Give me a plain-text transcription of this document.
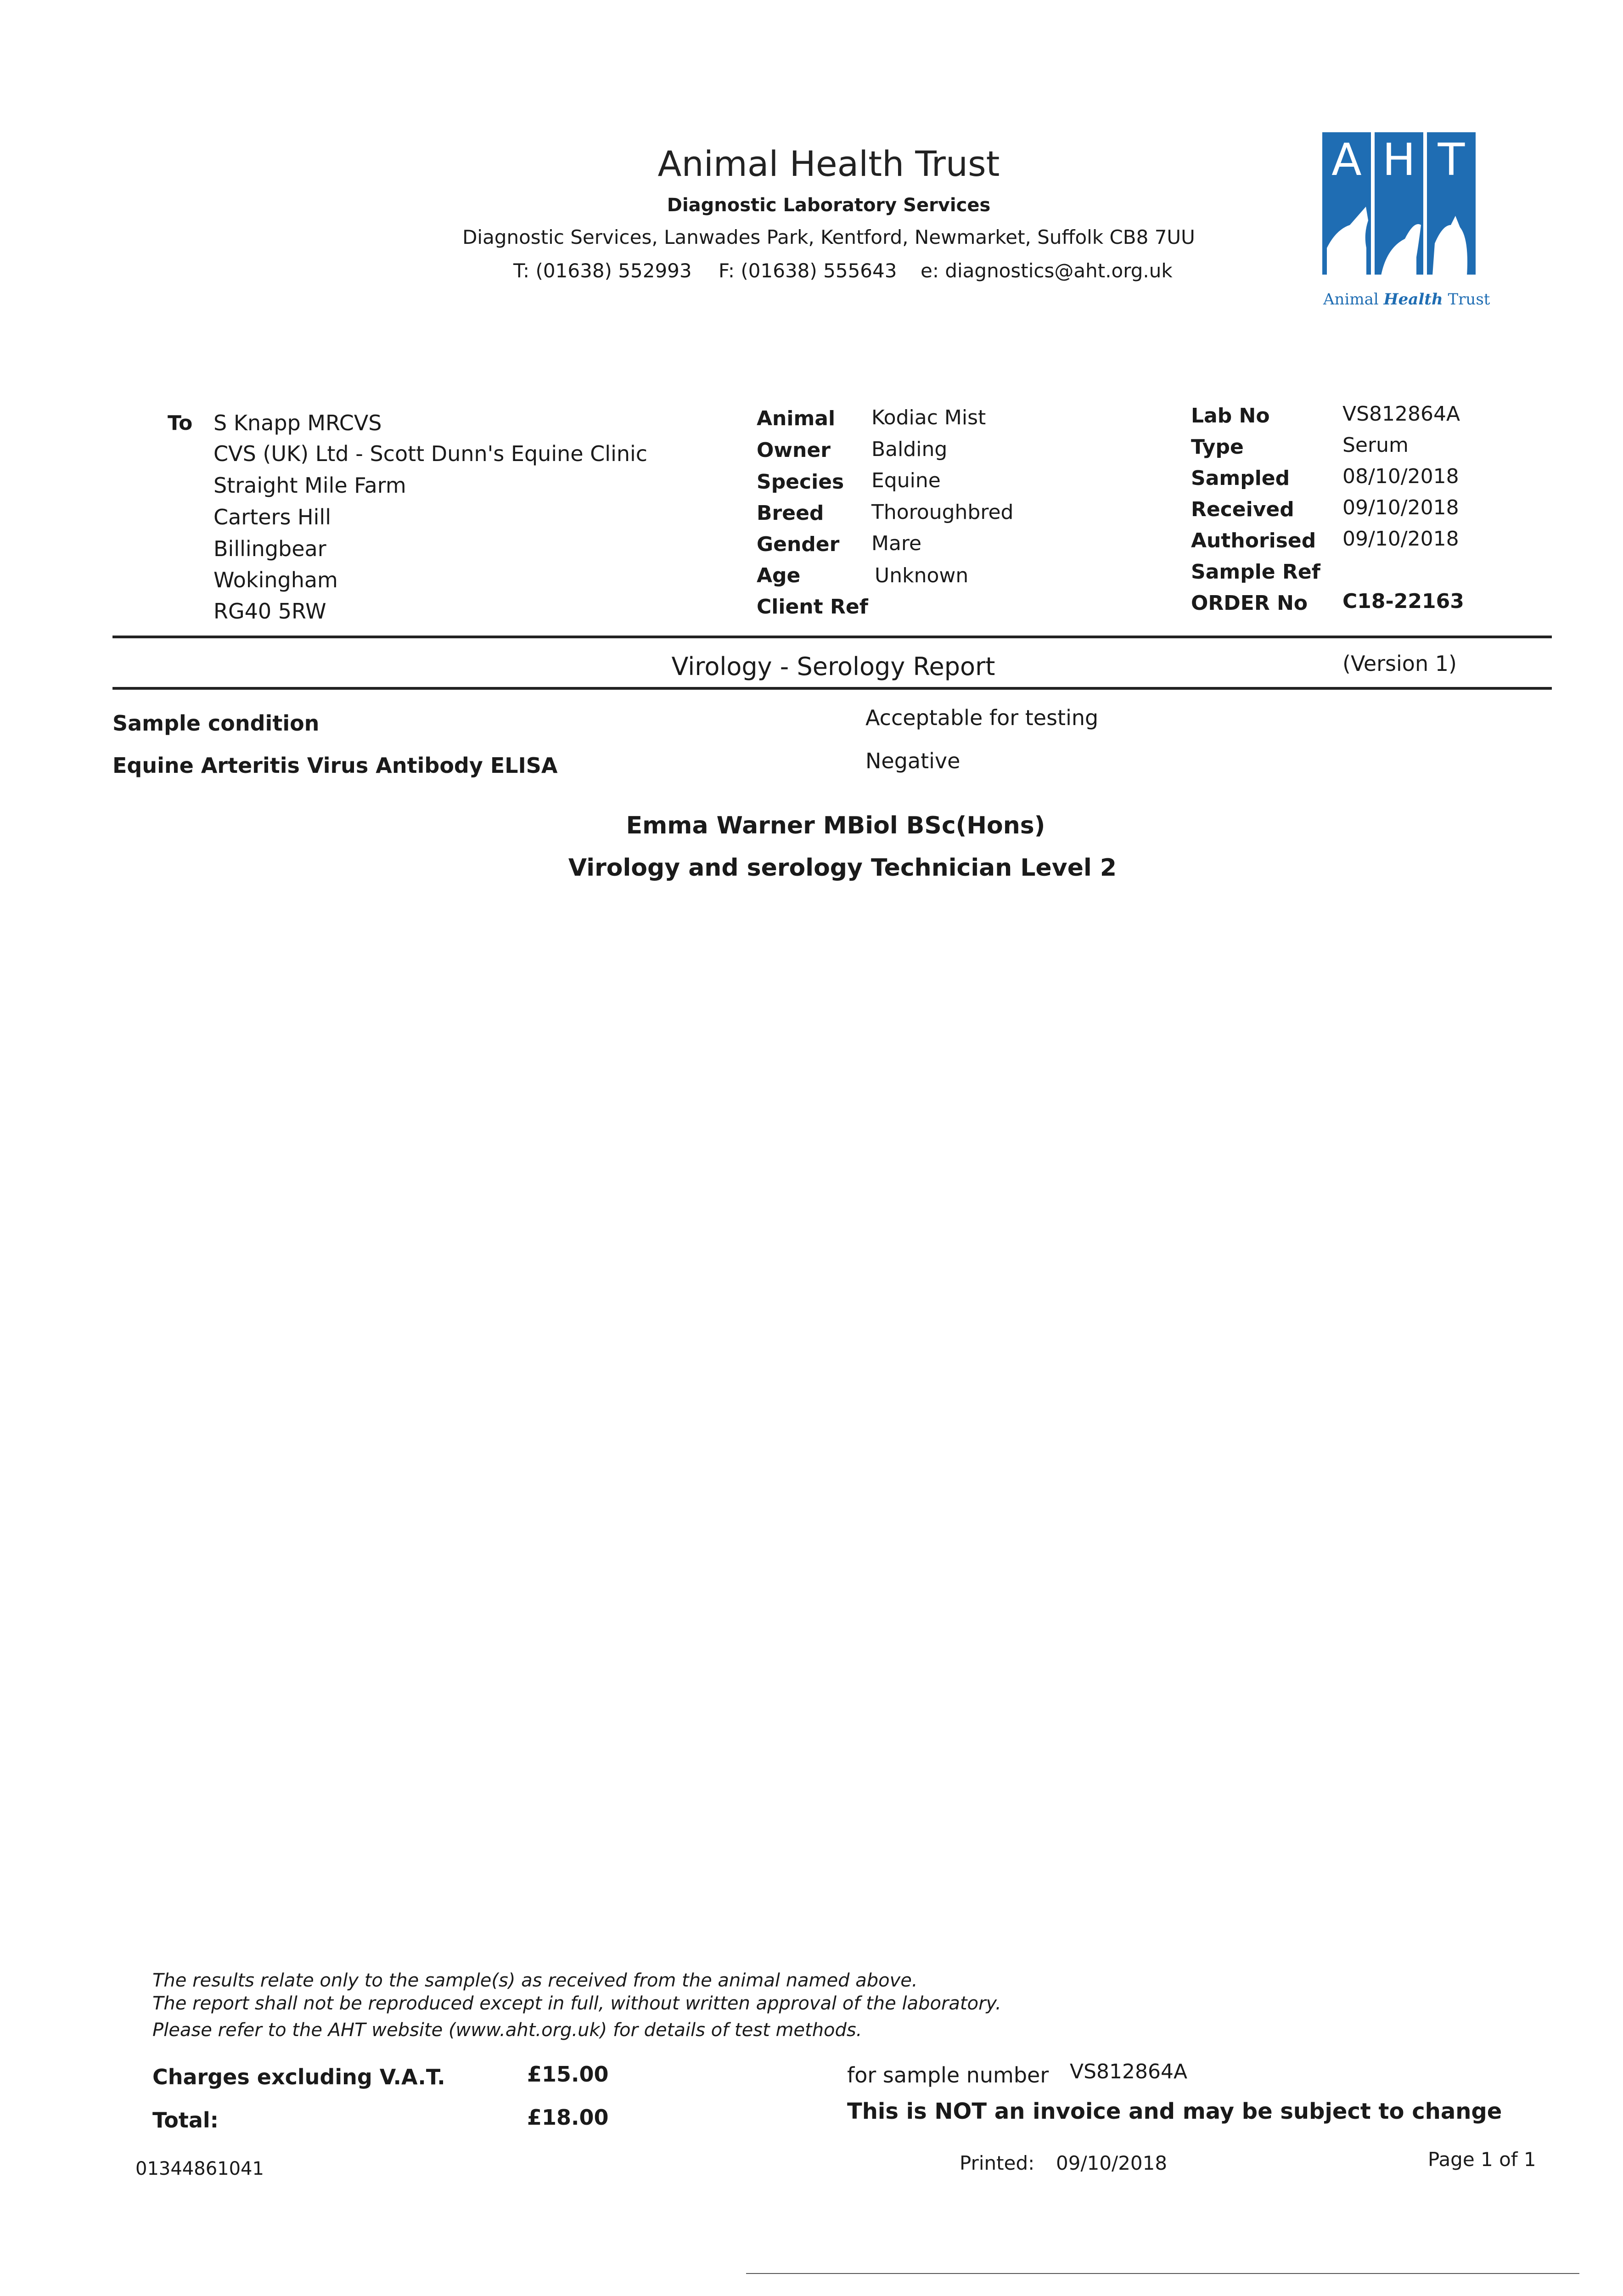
Animal Health Trust
Diagnostic Laboratory Services
Diagnostic Services, Lanwades Park, Kentford, Newmarket, Suffolk CB8 7UU
T: (01638) 552993 F: (01638) 555643 e: diagnostics@aht.org.uk
A H T
Animal Health Trust
To S Knapp MRCVS
CVS (UK) Ltd - Scott Dunn's Equine Clinic
Straight Mile Farm
Carters Hill
Billingbear
Wokingham
RG40 5RW
Animal Kodiac Mist
Owner Balding
Species Equine
Breed Thoroughbred
Gender Mare
Age	Unknown
Client Ref
Lab No	VS812864A
Type	Serum
Sampled	08/10/2018
Received 09/10/2018
Authorised 09/10/2018
Sample Ref
ORDER No C18-22163
Virology - Serology Report	(Version 1)
Sample condition	Acceptable for testing
Equine Arteritis Virus Antibody ELISA	Negative
Emma Warner MBiol BSc(Hons)
Virology and serology Technician Level 2
The results relate only to the sample(s) as received from the animal named above.
The report shall not be reproduced except in full, without written approval of the laboratory.
Please refer to the AHT website (www.aht.org.uk) for details of test methods.
Charges excluding V.A.T.	£15.00	for sample number VS812864A
Total:	£18.00	This is NOT an invoice and may be subject to change
01344861041	Printed: 09/10/2018	Page 1 of 1
